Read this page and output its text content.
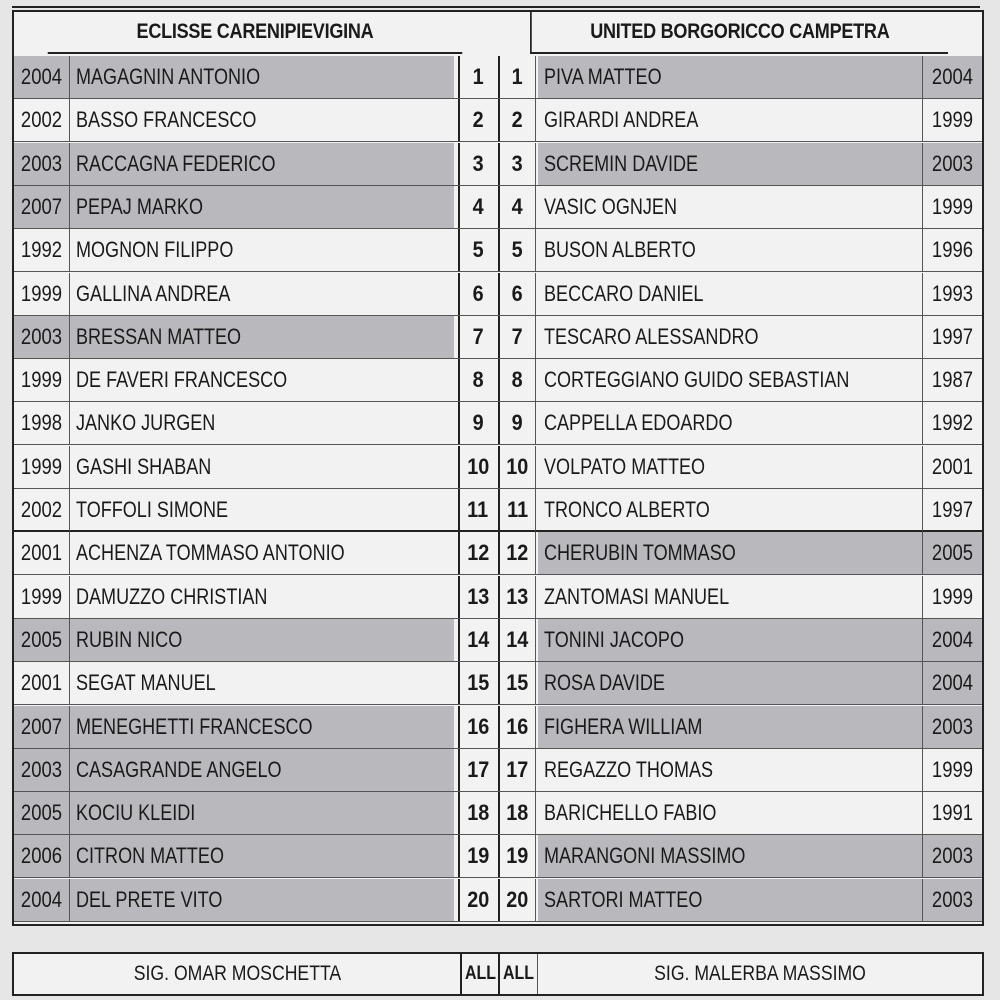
ECLISSE CARENIPIEVIGINA	UNITED BORGORICCO CAMPETRA
2004 MAGAGNIN ANTONIO	1 1 PIVA MATTEO	2004
2002 BASSO FRANCESCO	2 2 GIRARDI ANDREA	1999
2003 RACCAGNA FEDERICO	3 3 SCREMIN DAVIDE	2003
2007 PEPAJ MARKO	4 4 VASIC OGNJEN	1999
1992 MOGNON FILIPPO	5 5 BUSON ALBERTO	1996
1999 GALLINA ANDREA	6 6 BECCARO DANIEL	1993
2003 BRESSAN MATTEO	7 7 TESCARO ALESSANDRO	1997
1999 DE FAVERI FRANCESCO	8 8 CORTEGGIANO GUIDO SEBASTIAN	1987
1998 JANKO JURGEN	9 9 CAPPELLA EDOARDO	1992
1999 GASHI SHABAN	10 10 VOLPATO MATTEO	2001
2002 TOFFOLI SIMONE	11 11 TRONCO ALBERTO	1997
2001 ACHENZA TOMMASO ANTONIO	12 12 CHERUBIN TOMMASO	2005
1999 DAMUZZO CHRISTIAN	13 13 ZANTOMASI MANUEL	1999
2005 RUBIN NICO	14 14 TONINI JACOPO	2004
2001 SEGAT MANUEL	15 15 ROSA DAVIDE	2004
2007 MENEGHETTI FRANCESCO	16 16 FIGHERA WILLIAM	2003
2003 CASAGRANDE ANGELO	17 17 REGAZZO THOMAS	1999
2005 KOCIU KLEIDI	18 18 BARICHELLO FABIO	1991
2006 CITRON MATTEO	19 19 MARANGONI MASSIMO	2003
2004 DEL PRETE VITO	20 20 SARTORI MATTEO	2003
SIG. OMAR MOSCHETTA	ALL ALL	SIG. MALERBA MASSIMO
